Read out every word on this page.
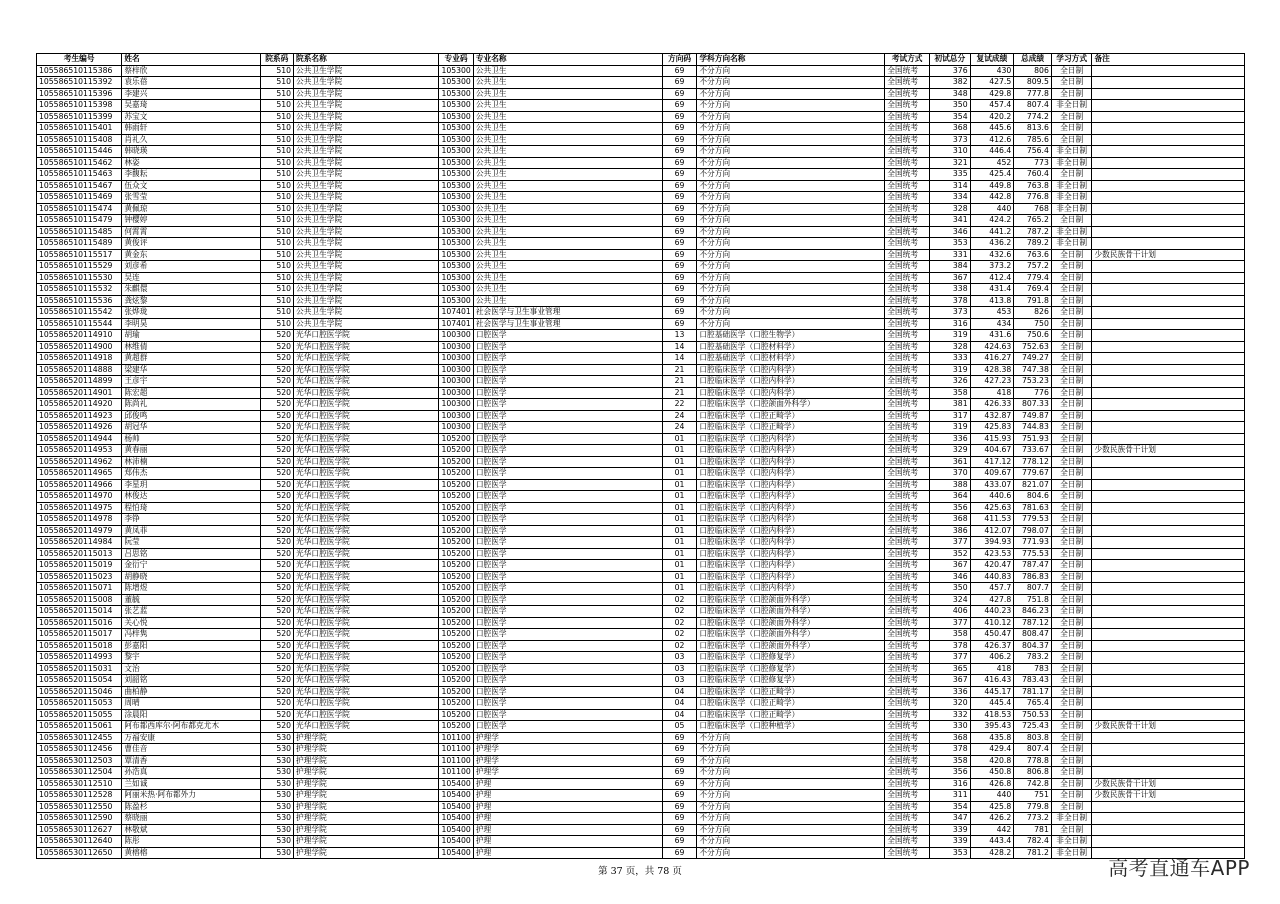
考生编号	姓名	院系码	院系名称	专业码	专业名称	方向码	学科方向名称	考试方式	初试总分	复试成绩	总成绩	学习方式	备注
105586510115386	蔡梓欣	510	公共卫生学院	105300	公共卫生	69	不分方向	全国统考	376	430	806	全日制	
105586510115392	袁乐蓓	510	公共卫生学院	105300	公共卫生	69	不分方向	全国统考	382	427.5	809.5	全日制	
105586510115396	李建兴	510	公共卫生学院	105300	公共卫生	69	不分方向	全国统考	348	429.8	777.8	全日制	
105586510115398	吴嘉琦	510	公共卫生学院	105300	公共卫生	69	不分方向	全国统考	350	457.4	807.4	非全日制	
105586510115399	苏宝文	510	公共卫生学院	105300	公共卫生	69	不分方向	全国统考	354	420.2	774.2	全日制	
105586510115401	韩雨轩	510	公共卫生学院	105300	公共卫生	69	不分方向	全国统考	368	445.6	813.6	全日制	
105586510115408	肖礼久	510	公共卫生学院	105300	公共卫生	69	不分方向	全国统考	373	412.6	785.6	全日制	
105586510115446	韩晓瑛	510	公共卫生学院	105300	公共卫生	69	不分方向	全国统考	310	446.4	756.4	非全日制	
105586510115462	林姿	510	公共卫生学院	105300	公共卫生	69	不分方向	全国统考	321	452	773	非全日制	
105586510115463	李馥耘	510	公共卫生学院	105300	公共卫生	69	不分方向	全国统考	335	425.4	760.4	全日制	
105586510115467	伍众文	510	公共卫生学院	105300	公共卫生	69	不分方向	全国统考	314	449.8	763.8	非全日制	
105586510115469	张雪莹	510	公共卫生学院	105300	公共卫生	69	不分方向	全国统考	334	442.8	776.8	非全日制	
105586510115474	黄佩琼	510	公共卫生学院	105300	公共卫生	69	不分方向	全国统考	328	440	768	非全日制	
105586510115479	钟樱婷	510	公共卫生学院	105300	公共卫生	69	不分方向	全国统考	341	424.2	765.2	全日制	
105586510115485	何霄霄	510	公共卫生学院	105300	公共卫生	69	不分方向	全国统考	346	441.2	787.2	非全日制	
105586510115489	黄俊评	510	公共卫生学院	105300	公共卫生	69	不分方向	全国统考	353	436.2	789.2	非全日制	
105586510115517	黄金东	510	公共卫生学院	105300	公共卫生	69	不分方向	全国统考	331	432.6	763.6	全日制	少数民族骨干计划
105586510115529	刘彦希	510	公共卫生学院	105300	公共卫生	69	不分方向	全国统考	384	373.2	757.2	全日制	
105586510115530	吴连	510	公共卫生学院	105300	公共卫生	69	不分方向	全国统考	367	412.4	779.4	全日制	
105586510115532	朱麒儇	510	公共卫生学院	105300	公共卫生	69	不分方向	全国统考	338	431.4	769.4	全日制	
105586510115536	龚炫黎	510	公共卫生学院	105300	公共卫生	69	不分方向	全国统考	378	413.8	791.8	全日制	
105586510115542	张烨珑	510	公共卫生学院	107401	社会医学与卫生事业管理	69	不分方向	全国统考	373	453	826	全日制	
105586510115544	李明昊	510	公共卫生学院	107401	社会医学与卫生事业管理	69	不分方向	全国统考	316	434	750	全日制	
105586520114910	胡瑜	520	光华口腔医学院	100300	口腔医学	13	口腔基础医学（口腔生物学）	全国统考	319	431.6	750.6	全日制	
105586520114900	林维倩	520	光华口腔医学院	100300	口腔医学	14	口腔基础医学（口腔材料学）	全国统考	328	424.63	752.63	全日制	
105586520114918	黄超群	520	光华口腔医学院	100300	口腔医学	14	口腔基础医学（口腔材料学）	全国统考	333	416.27	749.27	全日制	
105586520114888	梁建华	520	光华口腔医学院	100300	口腔医学	21	口腔临床医学（口腔内科学）	全国统考	319	428.38	747.38	全日制	
105586520114899	王彦宇	520	光华口腔医学院	100300	口腔医学	21	口腔临床医学（口腔内科学）	全国统考	326	427.23	753.23	全日制	
105586520114901	陈宏超	520	光华口腔医学院	100300	口腔医学	21	口腔临床医学（口腔内科学）	全国统考	358	418	776	全日制	
105586520114920	陈尚礼	520	光华口腔医学院	100300	口腔医学	22	口腔临床医学（口腔颌面外科学）	全国统考	381	426.33	807.33	全日制	
105586520114923	邱俊鸣	520	光华口腔医学院	100300	口腔医学	24	口腔临床医学（口腔正畸学）	全国统考	317	432.87	749.87	全日制	
105586520114926	胡冠华	520	光华口腔医学院	100300	口腔医学	24	口腔临床医学（口腔正畸学）	全国统考	319	425.83	744.83	全日制	
105586520114944	杨帅	520	光华口腔医学院	105200	口腔医学	01	口腔临床医学（口腔内科学）	全国统考	336	415.93	751.93	全日制	
105586520114953	黄春丽	520	光华口腔医学院	105200	口腔医学	01	口腔临床医学（口腔内科学）	全国统考	329	404.67	733.67	全日制	少数民族骨干计划
105586520114962	林沛楠	520	光华口腔医学院	105200	口腔医学	01	口腔临床医学（口腔内科学）	全国统考	361	417.12	778.12	全日制	
105586520114965	郑伟杰	520	光华口腔医学院	105200	口腔医学	01	口腔临床医学（口腔内科学）	全国统考	370	409.67	779.67	全日制	
105586520114966	李星玥	520	光华口腔医学院	105200	口腔医学	01	口腔临床医学（口腔内科学）	全国统考	388	433.07	821.07	全日制	
105586520114970	林俊达	520	光华口腔医学院	105200	口腔医学	01	口腔临床医学（口腔内科学）	全国统考	364	440.6	804.6	全日制	
105586520114975	程怕琦	520	光华口腔医学院	105200	口腔医学	01	口腔临床医学（口腔内科学）	全国统考	356	425.63	781.63	全日制	
105586520114978	李铮	520	光华口腔医学院	105200	口腔医学	01	口腔临床医学（口腔内科学）	全国统考	368	411.53	779.53	全日制	
105586520114979	黄凤菲	520	光华口腔医学院	105200	口腔医学	01	口腔临床医学（口腔内科学）	全国统考	386	412.07	798.07	全日制	
105586520114984	阮莹	520	光华口腔医学院	105200	口腔医学	01	口腔临床医学（口腔内科学）	全国统考	377	394.93	771.93	全日制	
105586520115013	吕思铭	520	光华口腔医学院	105200	口腔医学	01	口腔临床医学（口腔内科学）	全国统考	352	423.53	775.53	全日制	
105586520115019	金衍宁	520	光华口腔医学院	105200	口腔医学	01	口腔临床医学（口腔内科学）	全国统考	367	420.47	787.47	全日制	
105586520115023	胡静晓	520	光华口腔医学院	105200	口腔医学	01	口腔临床医学（口腔内科学）	全国统考	346	440.83	786.83	全日制	
105586520115071	陈增煜	520	光华口腔医学院	105200	口腔医学	01	口腔临床医学（口腔内科学）	全国统考	350	457.7	807.7	全日制	
105586520115008	董毓	520	光华口腔医学院	105200	口腔医学	02	口腔临床医学（口腔颌面外科学）	全国统考	324	427.8	751.8	全日制	
105586520115014	张艺蓝	520	光华口腔医学院	105200	口腔医学	02	口腔临床医学（口腔颌面外科学）	全国统考	406	440.23	846.23	全日制	
105586520115016	关心悦	520	光华口腔医学院	105200	口腔医学	02	口腔临床医学（口腔颌面外科学）	全国统考	377	410.12	787.12	全日制	
105586520115017	冯梓隽	520	光华口腔医学院	105200	口腔医学	02	口腔临床医学（口腔颌面外科学）	全国统考	358	450.47	808.47	全日制	
105586520115018	彭嘉阳	520	光华口腔医学院	105200	口腔医学	02	口腔临床医学（口腔颌面外科学）	全国统考	378	426.37	804.37	全日制	
105586520114993	黎宇	520	光华口腔医学院	105200	口腔医学	03	口腔临床医学（口腔修复学）	全国统考	377	406.2	783.2	全日制	
105586520115031	文治	520	光华口腔医学院	105200	口腔医学	03	口腔临床医学（口腔修复学）	全国统考	365	418	783	全日制	
105586520115054	刘韶铭	520	光华口腔医学院	105200	口腔医学	03	口腔临床医学（口腔修复学）	全国统考	367	416.43	783.43	全日制	
105586520115046	曲柏静	520	光华口腔医学院	105200	口腔医学	04	口腔临床医学（口腔正畸学）	全国统考	336	445.17	781.17	全日制	
105586520115053	周晴	520	光华口腔医学院	105200	口腔医学	04	口腔临床医学（口腔正畸学）	全国统考	320	445.4	765.4	全日制	
105586520115055	涂晨阳	520	光华口腔医学院	105200	口腔医学	04	口腔临床医学（口腔正畸学）	全国统考	332	418.53	750.53	全日制	
105586520115061	阿布都西库尔·阿布都克尤木	520	光华口腔医学院	105200	口腔医学	05	口腔临床医学（口腔种植学）	全国统考	330	395.43	725.43	全日制	少数民族骨干计划
105586530112455	万福安康	530	护理学院	101100	护理学	69	不分方向	全国统考	368	435.8	803.8	全日制	
105586530112456	曹佳音	530	护理学院	101100	护理学	69	不分方向	全国统考	378	429.4	807.4	全日制	
105586530112503	覃清香	530	护理学院	101100	护理学	69	不分方向	全国统考	358	420.8	778.8	全日制	
105586530112504	孙浩真	530	护理学院	101100	护理学	69	不分方向	全国统考	356	450.8	806.8	全日制	
105586530112510	兰如诚	530	护理学院	105400	护理	69	不分方向	全国统考	316	426.8	742.8	全日制	少数民族骨干计划
105586530112528	阿丽米热·阿布都外力	530	护理学院	105400	护理	69	不分方向	全国统考	311	440	751	全日制	少数民族骨干计划
105586530112550	陈盈杉	530	护理学院	105400	护理	69	不分方向	全国统考	354	425.8	779.8	全日制	
105586530112590	蔡晓丽	530	护理学院	105400	护理	69	不分方向	全国统考	347	426.2	773.2	非全日制	
105586530112627	林敬斌	530	护理学院	105400	护理	69	不分方向	全国统考	339	442	781	全日制	
105586530112640	陈彤	530	护理学院	105400	护理	69	不分方向	全国统考	339	443.4	782.4	非全日制	
105586530112650	黄榕榕	530	护理学院	105400	护理	69	不分方向	全国统考	353	428.2	781.2	非全日制	
第 37 页，共 78 页	高考直通车APP
